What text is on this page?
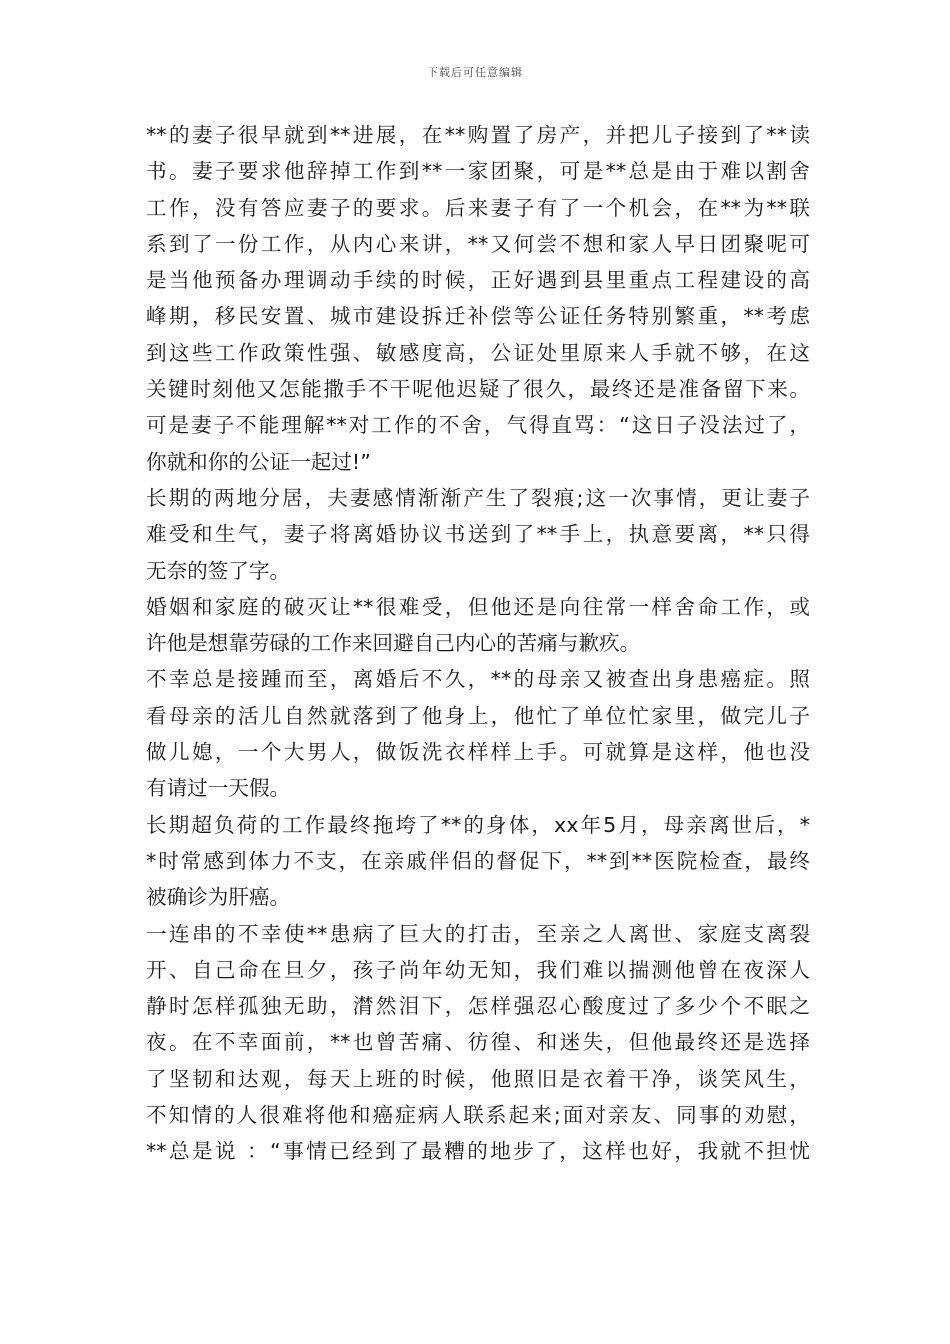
下载后可任意编辑
**的妻子很早就到**进展，在**购置了房产，并把儿子接到了**读
书。妻子要求他辞掉工作到**一家团聚，可是**总是由于难以割舍
工作，没有答应妻子的要求。后来妻子有了一个机会，在**为**联
系到了一份工作，从内心来讲，**又何尝不想和家人早日团聚呢可
是当他预备办理调动手续的时候，正好遇到县里重点工程建设的高
峰期，移民安置、城市建设拆迁补偿等公证任务特别繁重，**考虑
到这些工作政策性强、敏感度高，公证处里原来人手就不够，在这
关键时刻他又怎能撒手不干呢他迟疑了很久，最终还是准备留下来。
可是妻子不能理解**对工作的不舍，气得直骂：“这日子没法过了，
你就和你的公证一起过!”
长期的两地分居，夫妻感情渐渐产生了裂痕;这一次事情，更让妻子
难受和生气，妻子将离婚协议书送到了**手上，执意要离，**只得
无奈的签了字。
婚姻和家庭的破灭让**很难受，但他还是向往常一样舍命工作，或
许他是想靠劳碌的工作来回避自己内心的苦痛与歉疚。
不幸总是接踵而至，离婚后不久，**的母亲又被查出身患癌症。照
看母亲的活儿自然就落到了他身上，他忙了单位忙家里，做完儿子
做儿媳，一个大男人，做饭洗衣样样上手。可就算是这样，他也没
有请过一天假。
长期超负荷的工作最终拖垮了**的身体，xx年5月，母亲离世后，*
*时常感到体力不支，在亲戚伴侣的督促下，**到**医院检查，最终
被确诊为肝癌。
一连串的不幸使**患病了巨大的打击，至亲之人离世、家庭支离裂
开、自己命在旦夕，孩子尚年幼无知，我们难以揣测他曾在夜深人
静时怎样孤独无助，潸然泪下，怎样强忍心酸度过了多少个不眠之
夜。在不幸面前，**也曾苦痛、彷徨、和迷失，但他最终还是选择
了坚韧和达观，每天上班的时候，他照旧是衣着干净，谈笑风生，
不知情的人很难将他和癌症病人联系起来;面对亲友、同事的劝慰，
**总是说 ：“事情已经到了最糟的地步了，这样也好，我就不担忧
